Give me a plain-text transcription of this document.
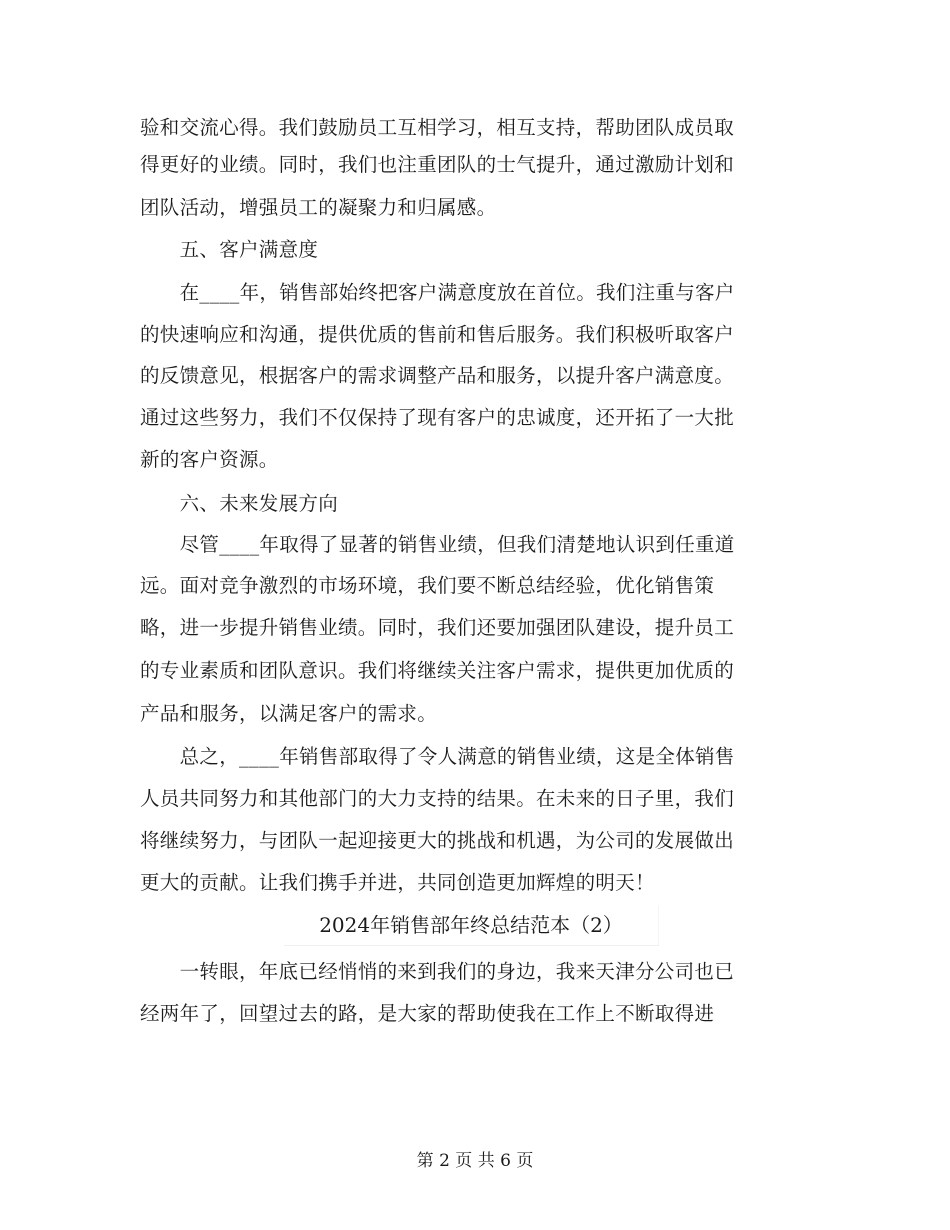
验和交流心得。我们鼓励员工互相学习，相互支持，帮助团队成员取
得更好的业绩。同时，我们也注重团队的士气提升，通过激励计划和
团队活动，增强员工的凝聚力和归属感。
　　五、客户满意度
　　在____年，销售部始终把客户满意度放在首位。我们注重与客户
的快速响应和沟通，提供优质的售前和售后服务。我们积极听取客户
的反馈意见，根据客户的需求调整产品和服务，以提升客户满意度。
通过这些努力，我们不仅保持了现有客户的忠诚度，还开拓了一大批
新的客户资源。
　　六、未来发展方向
　　尽管____年取得了显著的销售业绩，但我们清楚地认识到任重道
远。面对竞争激烈的市场环境，我们要不断总结经验，优化销售策
略，进一步提升销售业绩。同时，我们还要加强团队建设，提升员工
的专业素质和团队意识。我们将继续关注客户需求，提供更加优质的
产品和服务，以满足客户的需求。
　　总之，____年销售部取得了令人满意的销售业绩，这是全体销售
人员共同努力和其他部门的大力支持的结果。在未来的日子里，我们
将继续努力，与团队一起迎接更大的挑战和机遇，为公司的发展做出
更大的贡献。让我们携手并进，共同创造更加辉煌的明天！
2024年销售部年终总结范本（2）
　　一转眼，年底已经悄悄的来到我们的身边，我来天津分公司也已
经两年了，回望过去的路，是大家的帮助使我在工作上不断取得进
第 2 页 共 6 页
